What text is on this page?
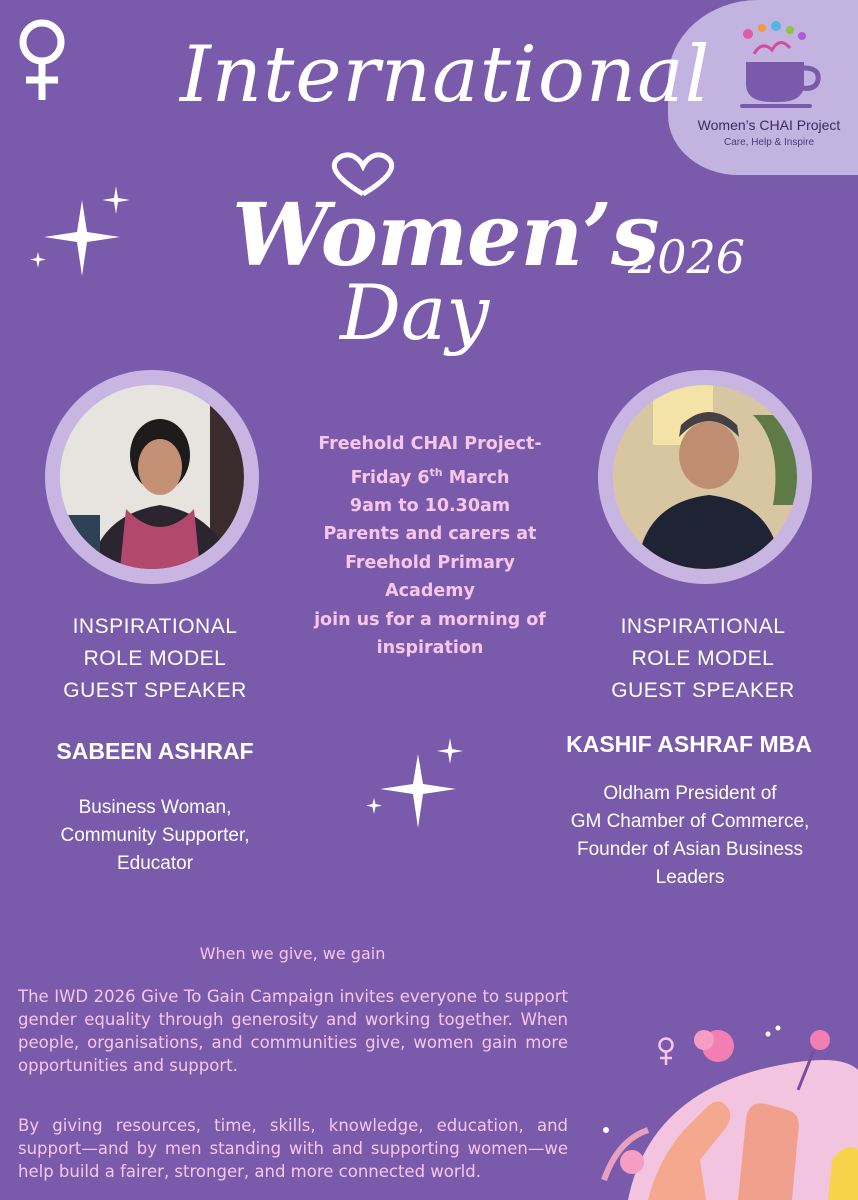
Women’s CHAI Project
Care, Help & Inspire
International
Women’s
Day
2026
Freehold CHAI Project-
Friday 6th March
9am to 10.30am
Parents and carers at
Freehold Primary
Academy
join us for a morning of
inspiration
INSPIRATIONAL
ROLE MODEL
GUEST SPEAKER
SABEEN ASHRAF
Business Woman,
Community Supporter,
Educator
INSPIRATIONAL
ROLE MODEL
GUEST SPEAKER
KASHIF ASHRAF MBA
Oldham President of
GM Chamber of Commerce,
Founder of Asian Business
Leaders
When we give, we gain
The IWD 2026 Give To Gain Campaign invites everyone to support gender equality through generosity and working together. When people, organisations, and communities give, women gain more opportunities and support.
By giving resources, time, skills, knowledge, education, and support—and by men standing with and supporting women—we help build a fairer, stronger, and more connected world.
